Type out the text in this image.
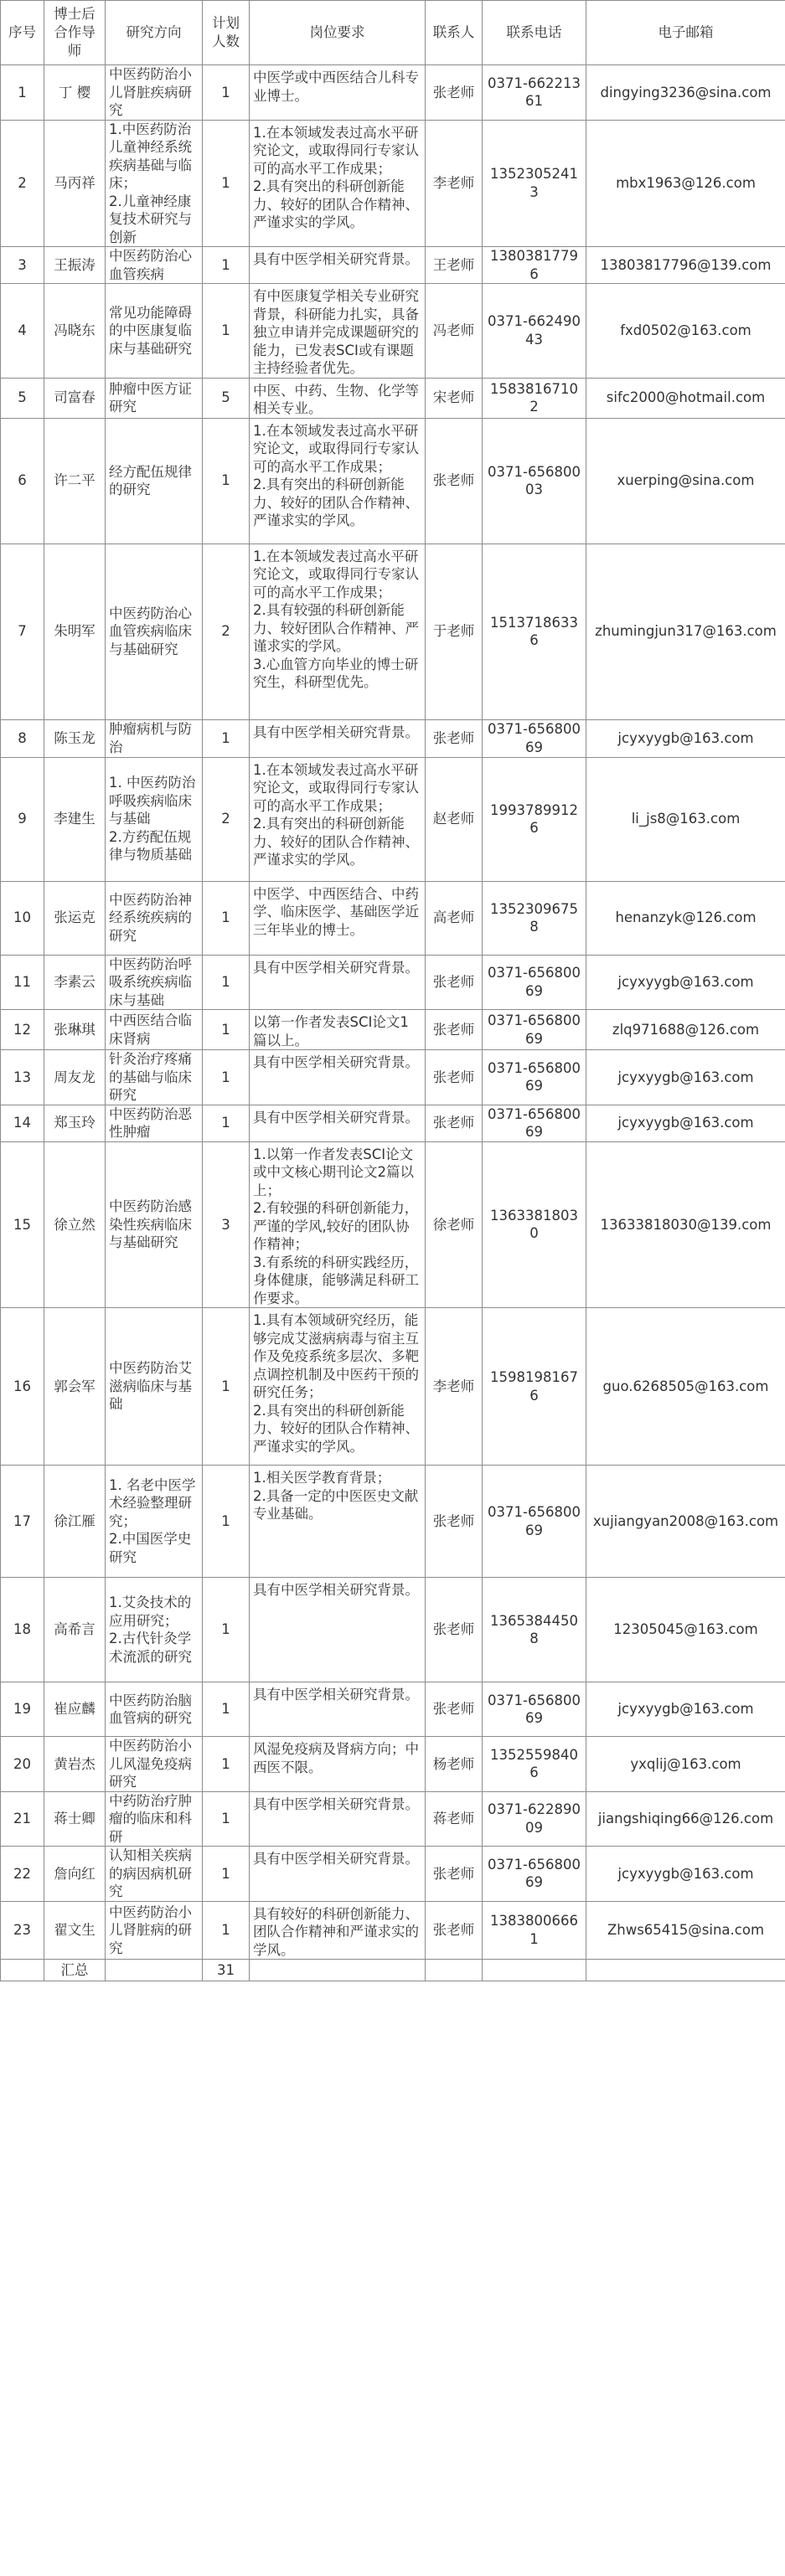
序号	博士后合作导师	研究方向	计划人数	岗位要求	联系人	联系电话	电子邮箱
1	丁 樱	中医药防治小儿肾脏疾病研究	1	中医学或中西医结合儿科专业博士。	张老师	0371-66221361	dingying3236@sina.com
2	马丙祥	1.中医药防治儿童神经系统疾病基础与临床；
2.儿童神经康复技术研究与创新	1	1.在本领域发表过高水平研究论文，或取得同行专家认可的高水平工作成果；
2.具有突出的科研创新能力、较好的团队合作精神、严谨求实的学风。	李老师	13523052413	mbx1963@126.com
3	王振涛	中医药防治心血管疾病	1	具有中医学相关研究背景。	王老师	13803817796	13803817796@139.com
4	冯晓东	常见功能障碍的中医康复临床与基础研究	1	有中医康复学相关专业研究背景，科研能力扎实，具备独立申请并完成课题研究的能力，已发表SCI或有课题主持经验者优先。	冯老师	0371-66249043	fxd0502@163.com
5	司富春	肿瘤中医方证研究	5	中医、中药、生物、化学等相关专业。	宋老师	15838167102	sifc2000@hotmail.com
6	许二平	经方配伍规律的研究	1	1.在本领域发表过高水平研究论文，或取得同行专家认可的高水平工作成果；
2.具有突出的科研创新能力、较好的团队合作精神、严谨求实的学风。	张老师	0371-65680003	xuerping@sina.com
7	朱明军	中医药防治心血管疾病临床与基础研究	2	1.在本领域发表过高水平研究论文，或取得同行专家认可的高水平工作成果；
2.具有较强的科研创新能力、较好团队合作精神、严谨求实的学风。
3.心血管方向毕业的博士研究生，科研型优先。	于老师	15137186336	zhumingjun317@163.com
8	陈玉龙	肿瘤病机与防治	1	具有中医学相关研究背景。	张老师	0371-65680069	jcyxyygb@163.com
9	李建生	1. 中医药防治呼吸疾病临床与基础
2.方药配伍规律与物质基础	2	1.在本领域发表过高水平研究论文，或取得同行专家认可的高水平工作成果；
2.具有突出的科研创新能力、较好的团队合作精神、严谨求实的学风。	赵老师	19937899126	li_js8@163.com
10	张运克	中医药防治神经系统疾病的研究	1	中医学、中西医结合、中药学、临床医学、基础医学近三年毕业的博士。	高老师	13523096758	henanzyk@126.com
11	李素云	中医药防治呼吸系统疾病临床与基础	1	具有中医学相关研究背景。	张老师	0371-65680069	jcyxyygb@163.com
12	张琳琪	中西医结合临床肾病	1	以第一作者发表SCI论文1篇以上。	张老师	0371-65680069	zlq971688@126.com
13	周友龙	针灸治疗疼痛的基础与临床研究	1	具有中医学相关研究背景。	张老师	0371-65680069	jcyxyygb@163.com
14	郑玉玲	中医药防治恶性肿瘤	1	具有中医学相关研究背景。	张老师	0371-65680069	jcyxyygb@163.com
15	徐立然	中医药防治感染性疾病临床与基础研究	3	1.以第一作者发表SCI论文或中文核心期刊论文2篇以上；
2.有较强的科研创新能力，严谨的学风,较好的团队协作精神；
3.有系统的科研实践经历，身体健康，能够满足科研工作要求。	徐老师	13633818030	13633818030@139.com
16	郭会军	中医药防治艾滋病临床与基础	1	1.具有本领域研究经历，能够完成艾滋病病毒与宿主互作及免疫系统多层次、多靶点调控机制及中医药干预的研究任务；
2.具有突出的科研创新能力、较好的团队合作精神、严谨求实的学风。	李老师	15981981676	guo.6268505@163.com
17	徐江雁	1. 名老中医学术经验整理研究；
2.中国医学史研究	1	1.相关医学教育背景；
2.具备一定的中医医史文献专业基础。	张老师	0371-65680069	xujiangyan2008@163.com
18	高希言	1.艾灸技术的应用研究；
2.古代针灸学术流派的研究	1	具有中医学相关研究背景。	张老师	13653844508	12305045@163.com
19	崔应麟	中医药防治脑血管病的研究	1	具有中医学相关研究背景。	张老师	0371-65680069	jcyxyygb@163.com
20	黄岩杰	中医药防治小儿风湿免疫病研究	1	风湿免疫病及肾病方向；中西医不限。	杨老师	13525598406	yxqlij@163.com
21	蒋士卿	中药防治疗肿瘤的临床和科研	1	具有中医学相关研究背景。	蒋老师	0371-62289009	jiangshiqing66@126.com
22	詹向红	认知相关疾病的病因病机研究	1	具有中医学相关研究背景。	张老师	0371-65680069	jcyxyygb@163.com
23	翟文生	中医药防治小儿肾脏病的研究	1	具有较好的科研创新能力、团队合作精神和严谨求实的学风。	张老师	13838006661	Zhws65415@sina.com
	汇总		31				
